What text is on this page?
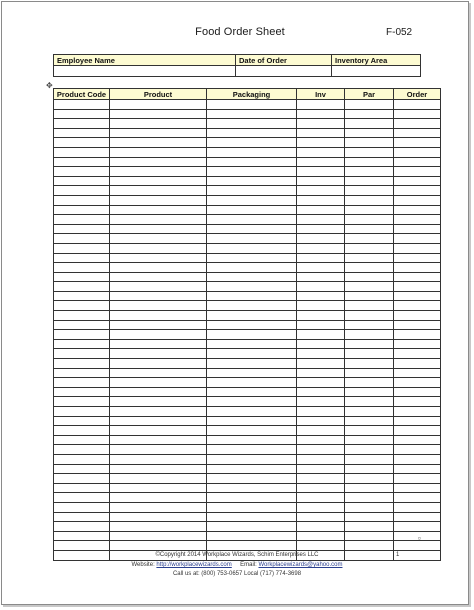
Food Order Sheet	F-052
Employee Name	Date of Order	Inventory Area

✥
Product Code	Product	Packaging	Inv	Par	Order

¤
©Copyright 2014 Workplace Wizards, Schim Enterprises LLC	1
Website: http://workplacewizards.com Email: Workplacewizards@yahoo.com
Call us at: (800) 753-0657 Local (717) 774-3698
